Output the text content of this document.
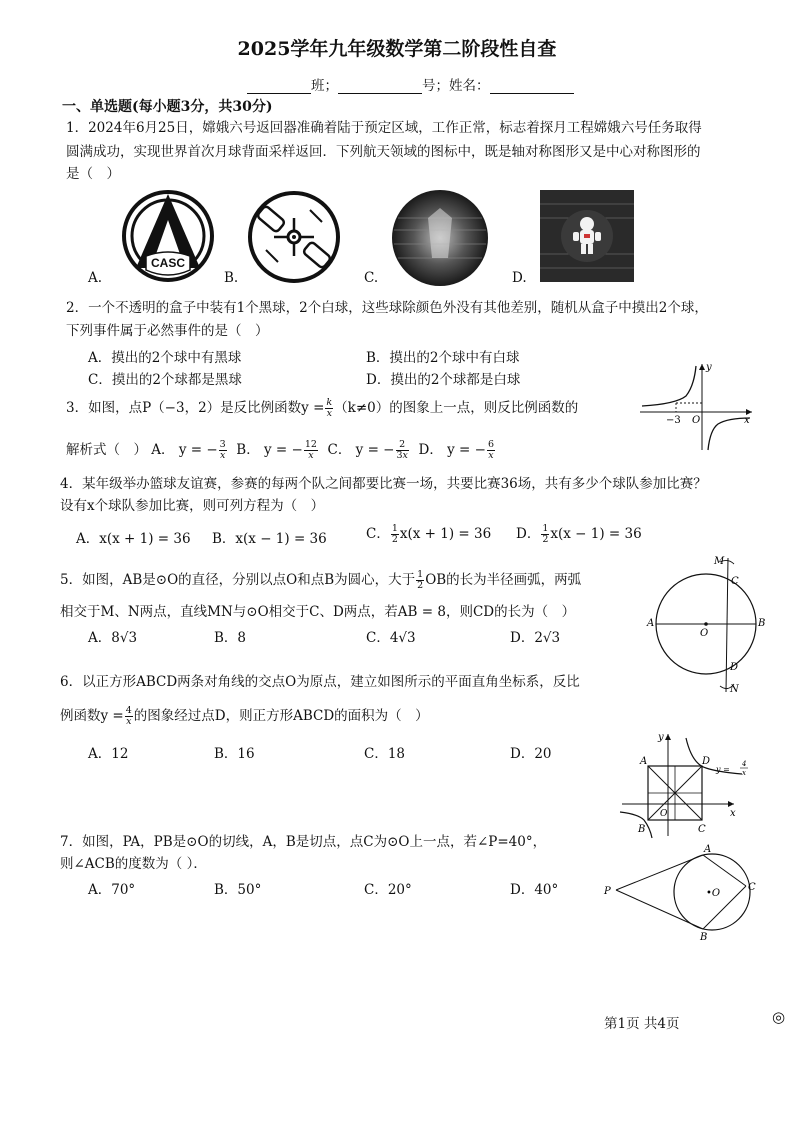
2025学年九年级数学第二阶段性自查
班；	号；姓名：
一、单选题(每小题3分，共30分)
1．2024年6月25日，嫦娥六号返回器准确着陆于预定区域，工作正常，标志着探月工程嫦娥六号任务取得
圆满成功，实现世界首次月球背面采样返回．下列航天领域的图标中，既是轴对称图形又是中心对称图形的
是（　）
CASC
A.	B.	C.	D.
2．一个不透明的盒子中装有1个黑球，2个白球，这些球除颜色外没有其他差别，随机从盒子中摸出2个球，
下列事件属于必然事件的是（　）
A．摸出的2个球中有黑球	B．摸出的2个球中有白球
C．摸出的2个球都是黑球	D．摸出的2个球都是白球
3．如图，点P（−3，2）是反比例函数$y = \frac{k}{x} (k\ne 0)$的图象上一点，则反比例函数的
解析式（　） A． y = − $\frac{3}{x}$ B． y = − $\frac{12}{x}$ C． y = − $\frac{2}{3x}$ D． y = − $\frac{6}{x}$
y
x
O
−3
4．某年级举办篮球友谊赛，参赛的每两个队之间都要比赛一场，共要比赛36场，共有多少个球队参加比赛？
设有x个球队参加比赛，则可列方程为（　）
A．x(x + 1) = 36 B．x(x − 1) = 36	C． $\frac{1}{2} x(x + 1) = 36$ D． $\frac{1}{2} x(x - 1) = 36$
5．如图，AB是⊙O的直径，分别以点O和点B为圆心，大于 $\frac{1}{2}$ OB的长为半径画弧，两弧
相交于M、N两点，直线MN与⊙O相交于C、D两点，若AB = 8，则CD的长为（　）
A．8√3	B．8	C．4√3	D．2√3
M
C
A
O
B
D
N
6．以正方形ABCD两条对角线的交点O为原点，建立如图所示的平面直角坐标系，反比
例函数$y = \frac{4}{x}$ 的图象经过点D，则正方形ABCD的面积为（　）
A．12	B．16	C．18	D．20
y
x
A	D
B	C
O
y =
4
x
7．如图，PA，PB是⊙O的切线，A，B是切点，点C为⊙O上一点，若∠P=40°，
则∠ACB的度数为（ ）．
A．70°	B．50°	C．20°	D．40°	P
A
B
C
•O
第1页 共4页	◎
